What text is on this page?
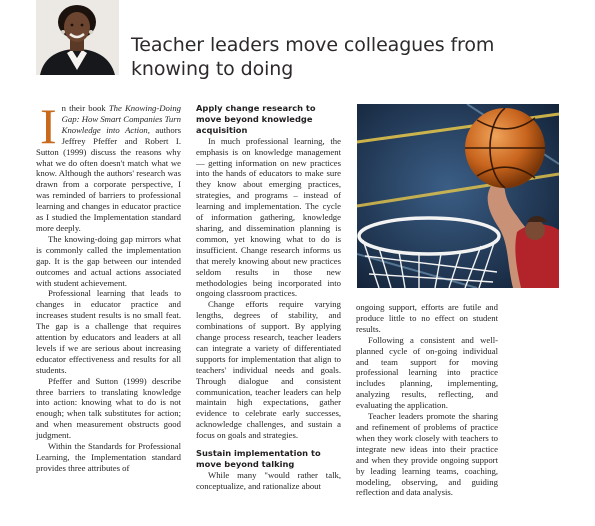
Teacher leaders move colleagues from knowing to doing

In their book The Knowing-Doing Gap: How Smart Companies Turn Knowledge into Action, authors Jeffrey Pfeffer and Robert I. Sutton (1999) discuss the reasons why what we do often doesn't match what we know. Although the authors' research was drawn from a corporate perspective, I was reminded of barriers to professional learning and changes in educator practice as I studied the Implementation standard more deeply.

The knowing-doing gap mirrors what is commonly called the implementation gap. It is the gap between our intended outcomes and actual actions associated with student achievement.

Professional learning that leads to changes in educator practice and increases student results is no small feat. The gap is a challenge that requires attention by educators and leaders at all levels if we are serious about increasing educator effectiveness and results for all students.

Pfeffer and Sutton (1999) describe three barriers to translating knowledge into action: knowing what to do is not enough; when talk substitutes for action; and when measurement obstructs good judgment.

Within the Standards for Professional Learning, the Implementation standard provides three attributes of

Apply change research to move beyond knowledge acquisition

In much professional learning, the emphasis is on knowledge management — getting information on new practices into the hands of educators to make sure they know about emerging practices, strategies, and programs – instead of learning and implementation. The cycle of information gathering, knowledge sharing, and dissemination planning is common, yet knowing what to do is insufficient. Change research informs us that merely knowing about new practices seldom results in those new methodologies being incorporated into ongoing classroom practices.

Change efforts require varying lengths, degrees of stability, and combinations of support. By applying change process research, teacher leaders can integrate a variety of differentiated supports for implementation that align to teachers' individual needs and goals. Through dialogue and consistent communication, teacher leaders can help maintain high expectations, gather evidence to celebrate early successes, acknowledge challenges, and sustain a focus on goals and strategies.

Sustain implementation to move beyond talking

While many "would rather talk, conceptualize, and rationalize about

ongoing support, efforts are futile and produce little to no effect on student results.

Following a consistent and well-planned cycle of on-going individual and team support for moving professional learning into practice includes planning, implementing, analyzing results, reflecting, and evaluating the application.

Teacher leaders promote the sharing and refinement of problems of practice when they work closely with teachers to integrate new ideas into their practice and when they provide ongoing support by leading learning teams, coaching, modeling, observing, and guiding reflection and data analysis.
